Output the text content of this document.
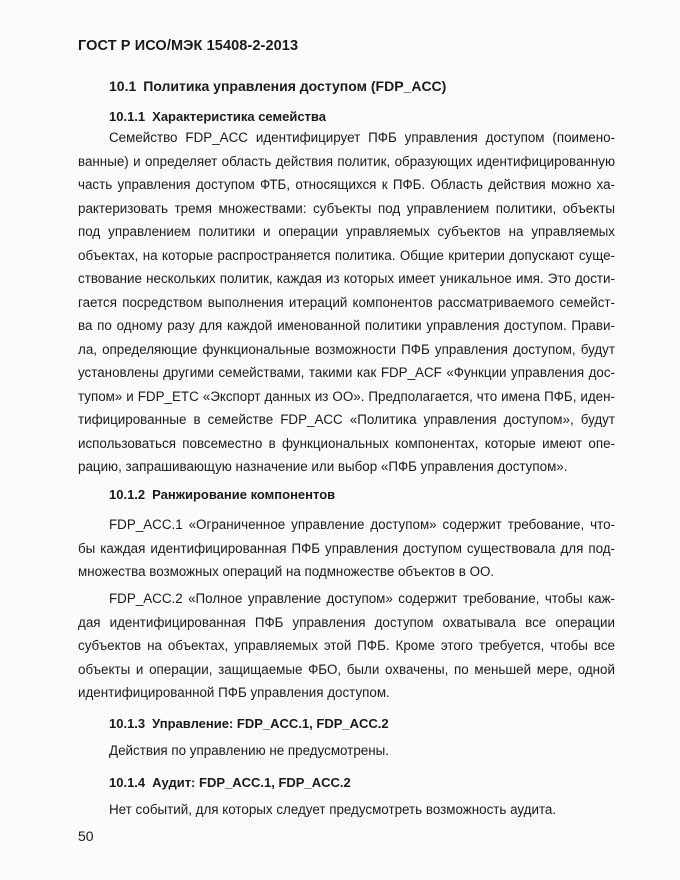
ГОСТ Р ИСО/МЭК 15408-2-2013
10.1 Политика управления доступом (FDP_ACC)
10.1.1 Характеристика семейства

Семейство FDP_ACC идентифицирует ПФБ управления доступом (поимено-ванные) и определяет область действия политик, образующих идентифицированную часть управления доступом ФТБ, относящихся к ПФБ. Область действия можно ха-рактеризовать тремя множествами: субъекты под управлением политики, объекты под управлением политики и операции управляемых субъектов на управляемых объектах, на которые распространяется политика. Общие критерии допускают суще-ствование нескольких политик, каждая из которых имеет уникальное имя. Это дости-гается посредством выполнения итераций компонентов рассматриваемого семейст-ва по одному разу для каждой именованной политики управления доступом. Прави-ла, определяющие функциональные возможности ПФБ управления доступом, будут установлены другими семействами, такими как FDP_ACF «Функции управления дос-тупом» и FDP_ETC «Экспорт данных из ОО». Предполагается, что имена ПФБ, иден-тифицированные в семействе FDP_ACC «Политика управления доступом», будут использоваться повсеместно в функциональных компонентах, которые имеют опе-рацию, запрашивающую назначение или выбор «ПФБ управления доступом».

10.1.2 Ранжирование компонентов

FDP_ACC.1 «Ограниченное управление доступом» содержит требование, что-бы каждая идентифицированная ПФБ управления доступом существовала для под-множества возможных операций на подмножестве объектов в ОО.

FDP_ACC.2 «Полное управление доступом» содержит требование, чтобы каж-дая идентифицированная ПФБ управления доступом охватывала все операции субъектов на объектах, управляемых этой ПФБ. Кроме этого требуется, чтобы все объекты и операции, защищаемые ФБО, были охвачены, по меньшей мере, одной идентифицированной ПФБ управления доступом.

10.1.3 Управление: FDP_ACC.1, FDP_ACC.2

Действия по управлению не предусмотрены.

10.1.4 Аудит: FDP_ACC.1, FDP_ACC.2

Нет событий, для которых следует предусмотреть возможность аудита.

50
